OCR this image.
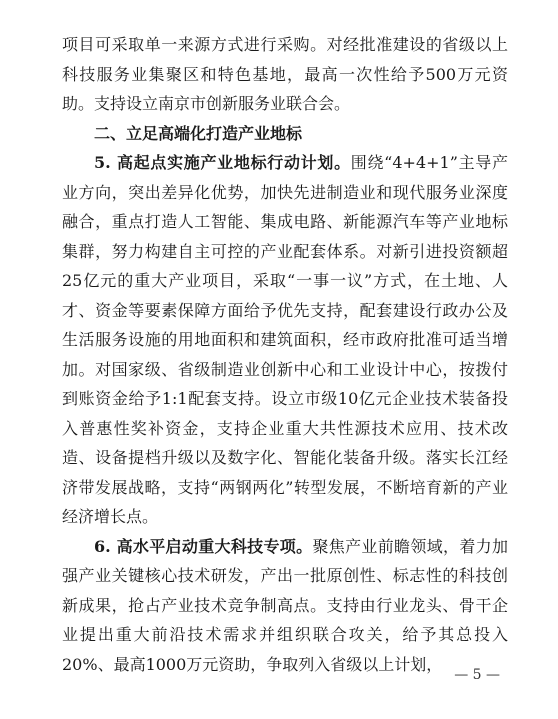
项目可采取单一来源方式进行采购。对经批准建设的省级以上科技服务业集聚区和特色基地，最高一次性给予500万元资助。支持设立南京市创新服务业联合会。

二、立足高端化打造产业地标

5. 高起点实施产业地标行动计划。围绕“4+4+1”主导产业方向，突出差异化优势，加快先进制造业和现代服务业深度融合，重点打造人工智能、集成电路、新能源汽车等产业地标集群，努力构建自主可控的产业配套体系。对新引进投资额超25亿元的重大产业项目，采取“一事一议”方式，在土地、人才、资金等要素保障方面给予优先支持，配套建设行政办公及生活服务设施的用地面积和建筑面积，经市政府批准可适当增加。对国家级、省级制造业创新中心和工业设计中心，按拨付到账资金给予1:1配套支持。设立市级10亿元企业技术装备投入普惠性奖补资金，支持企业重大共性源技术应用、技术改造、设备提档升级以及数字化、智能化装备升级。落实长江经济带发展战略，支持“两钢两化”转型发展，不断培育新的产业经济增长点。

6. 高水平启动重大科技专项。聚焦产业前瞻领域，着力加强产业关键核心技术研发，产出一批原创性、标志性的科技创新成果，抢占产业技术竞争制高点。支持由行业龙头、骨干企业提出重大前沿技术需求并组织联合攻关，给予其总投入20%、最高1000万元资助，争取列入省级以上计划，

— 5 —
